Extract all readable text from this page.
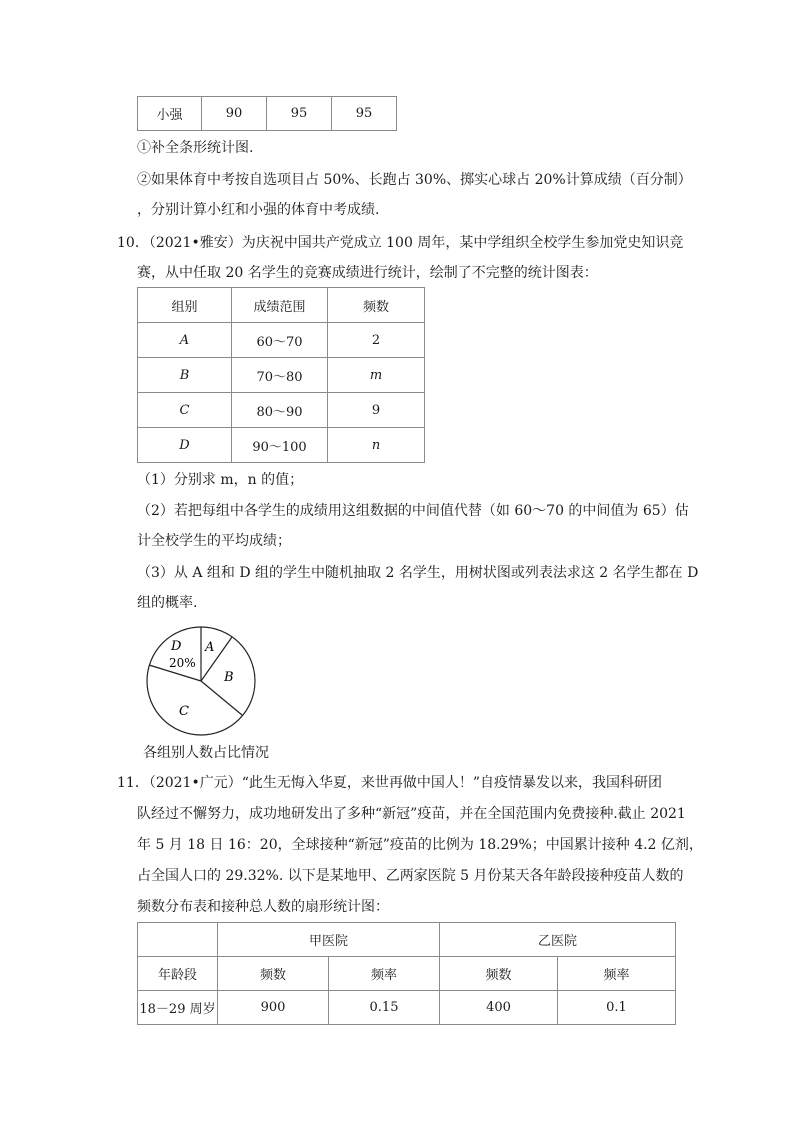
小强	90	95	95
①补全条形统计图.
②如果体育中考按自选项目占 50%、长跑占 30%、掷实心球占 20%计算成绩（百分制）
，分别计算小红和小强的体育中考成绩.
10．（2021•雅安）为庆祝中国共产党成立 100 周年，某中学组织全校学生参加党史知识竞
赛，从中任取 20 名学生的竞赛成绩进行统计，绘制了不完整的统计图表：
组别	成绩范围	频数
A	60～70	2
B	70～80	m
C	80～90	9
D	90～100	n
（1）分别求 m，n 的值；
（2）若把每组中各学生的成绩用这组数据的中间值代替（如 60～70 的中间值为 65）估
计全校学生的平均成绩；
（3）从 A 组和 D 组的学生中随机抽取 2 名学生，用树状图或列表法求这 2 名学生都在 D
组的概率.
D
20%
A
B
C
各组别人数占比情况
11．（2021•广元）“此生无悔入华夏，来世再做中国人！”自疫情暴发以来，我国科研团
队经过不懈努力，成功地研发出了多种“新冠”疫苗，并在全国范围内免费接种.截止 2021
年 5 月 18 日 16：20，全球接种“新冠”疫苗的比例为 18.29%；中国累计接种 4.2 亿剂，
占全国人口的 29.32%. 以下是某地甲、乙两家医院 5 月份某天各年龄段接种疫苗人数的
频数分布表和接种总人数的扇形统计图：
	甲医院		乙医院	
年龄段	频数	频率	频数	频率
18－29 周岁	900	0.15	400	0.1
